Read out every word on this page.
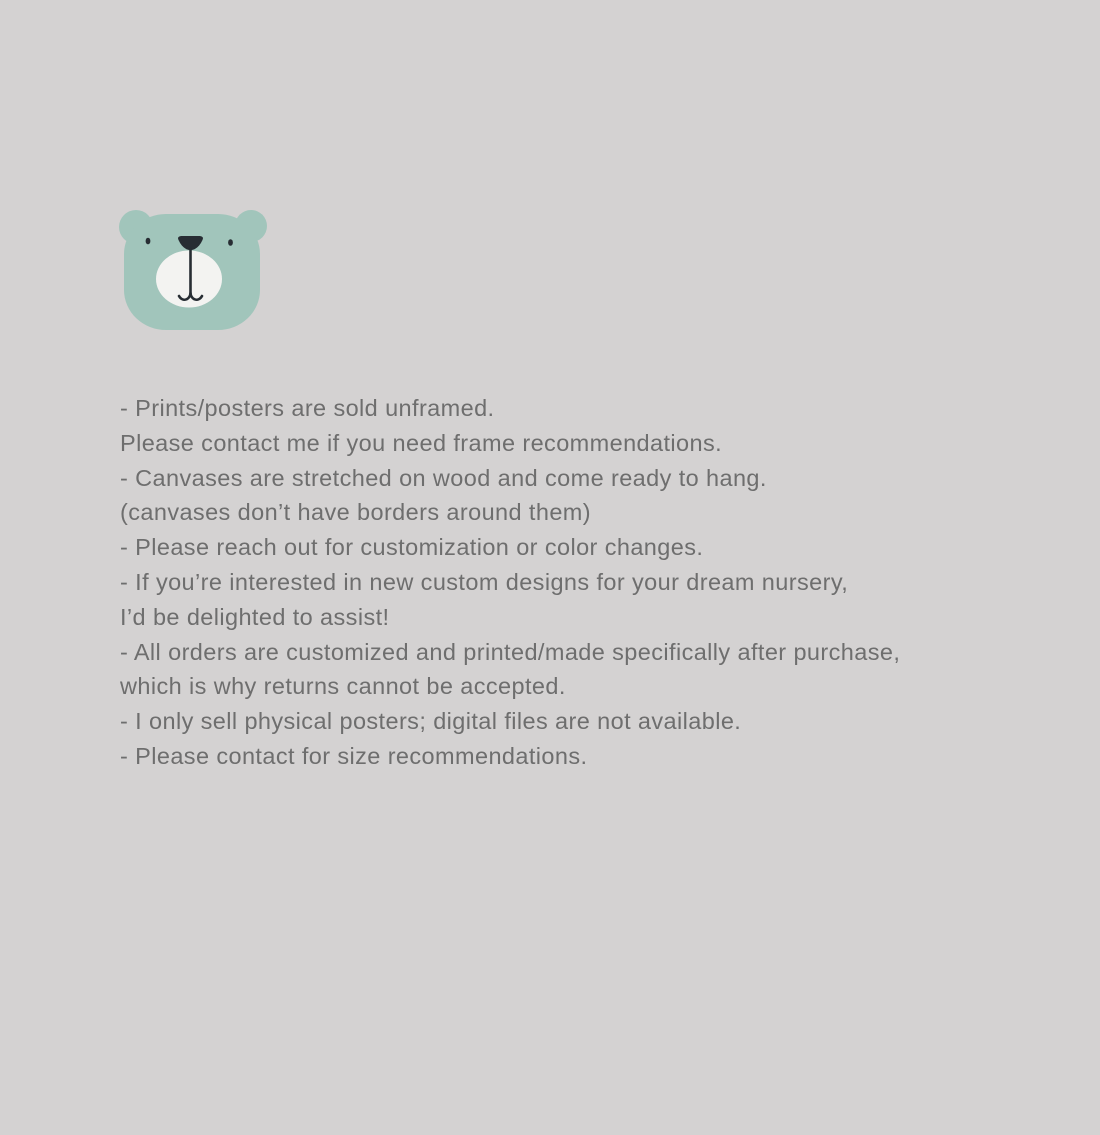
- Prints/posters are sold unframed.
Please contact me if you need frame recommendations.
- Canvases are stretched on wood and come ready to hang.
(canvases don’t have borders around them)
- Please reach out for customization or color changes.
- If you’re interested in new custom designs for your dream nursery,
I’d be delighted to assist!
- All orders are customized and printed/made specifically after purchase,
which is why returns cannot be accepted.
- I only sell physical posters; digital files are not available.
- Please contact for size recommendations.
